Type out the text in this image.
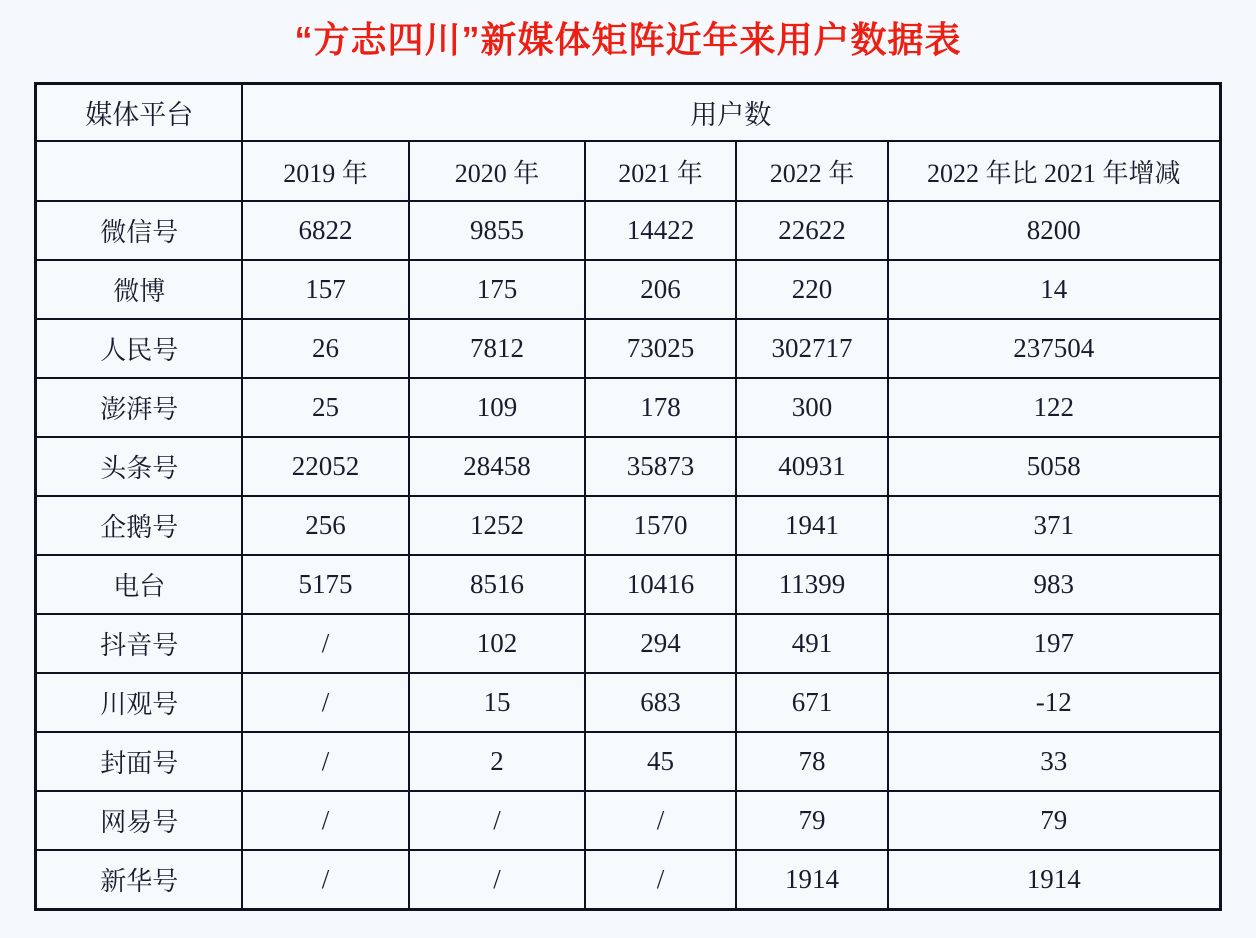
“方志四川”新媒体矩阵近年来用户数据表
媒体平台	用户数				
	2019 年	2020 年	2021 年	2022 年	2022 年比 2021 年增减
微信号	6822	9855	14422	22622	8200
微博	157	175	206	220	14
人民号	26	7812	73025	302717	237504
澎湃号	25	109	178	300	122
头条号	22052	28458	35873	40931	5058
企鹅号	256	1252	1570	1941	371
电台	5175	8516	10416	11399	983
抖音号	/	102	294	491	197
川观号	/	15	683	671	-12
封面号	/	2	45	78	33
网易号	/	/	/	79	79
新华号	/	/	/	1914	1914
